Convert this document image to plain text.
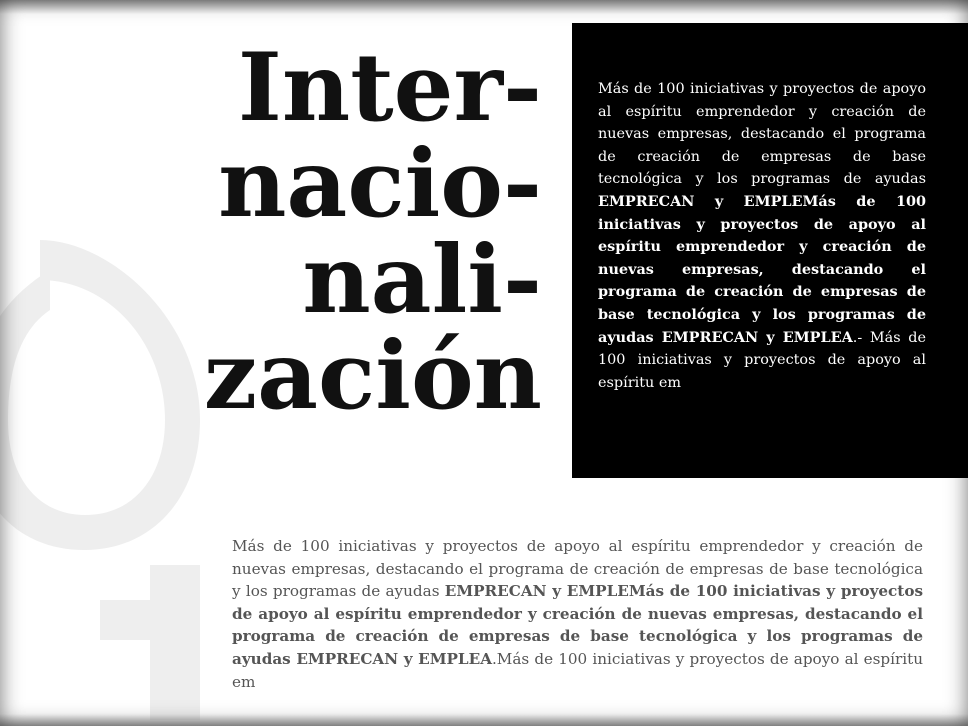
Inter-
nacio-
nali-
zación

Más de 100 iniciativas y proyectos de apoyo al espíritu emprendedor y creación de nuevas empresas, destacando el programa de creación de empresas de base tecnológica y los programas de ayudas EMPRECAN y EMPLEMás de 100 iniciativas y proyectos de apoyo al espíritu emprendedor y creación de nuevas empresas, destacando el programa de creación de empresas de base tecnológica y los programas de ayudas EMPRECAN y EMPLEA.- Más de 100 iniciativas y proyectos de apoyo al espíritu em

Más de 100 iniciativas y proyectos de apoyo al espíritu emprendedor y creación de nuevas empresas, destacando el programa de creación de empresas de base tecnológica y los programas de ayudas EMPRECAN y EMPLEMás de 100 iniciativas y proyectos de apoyo al espíritu emprendedor y creación de nuevas empresas, destacando el programa de creación de empresas de base tecnológica y los programas de ayudas EMPRECAN y EMPLEA.Más de 100 iniciativas y proyectos de apoyo al espíritu em
